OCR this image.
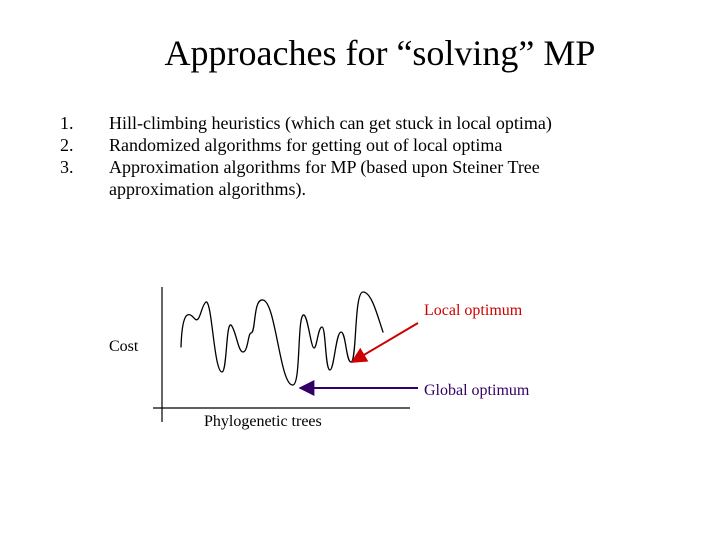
Approaches for “solving” MP
1.	Hill-climbing heuristics (which can get stuck in local optima)
2.	Randomized algorithms for getting out of local optima
3.	Approximation algorithms for MP (based upon Steiner Tree approximation algorithms).
Cost
Phylogenetic trees
Local optimum
Global optimum
